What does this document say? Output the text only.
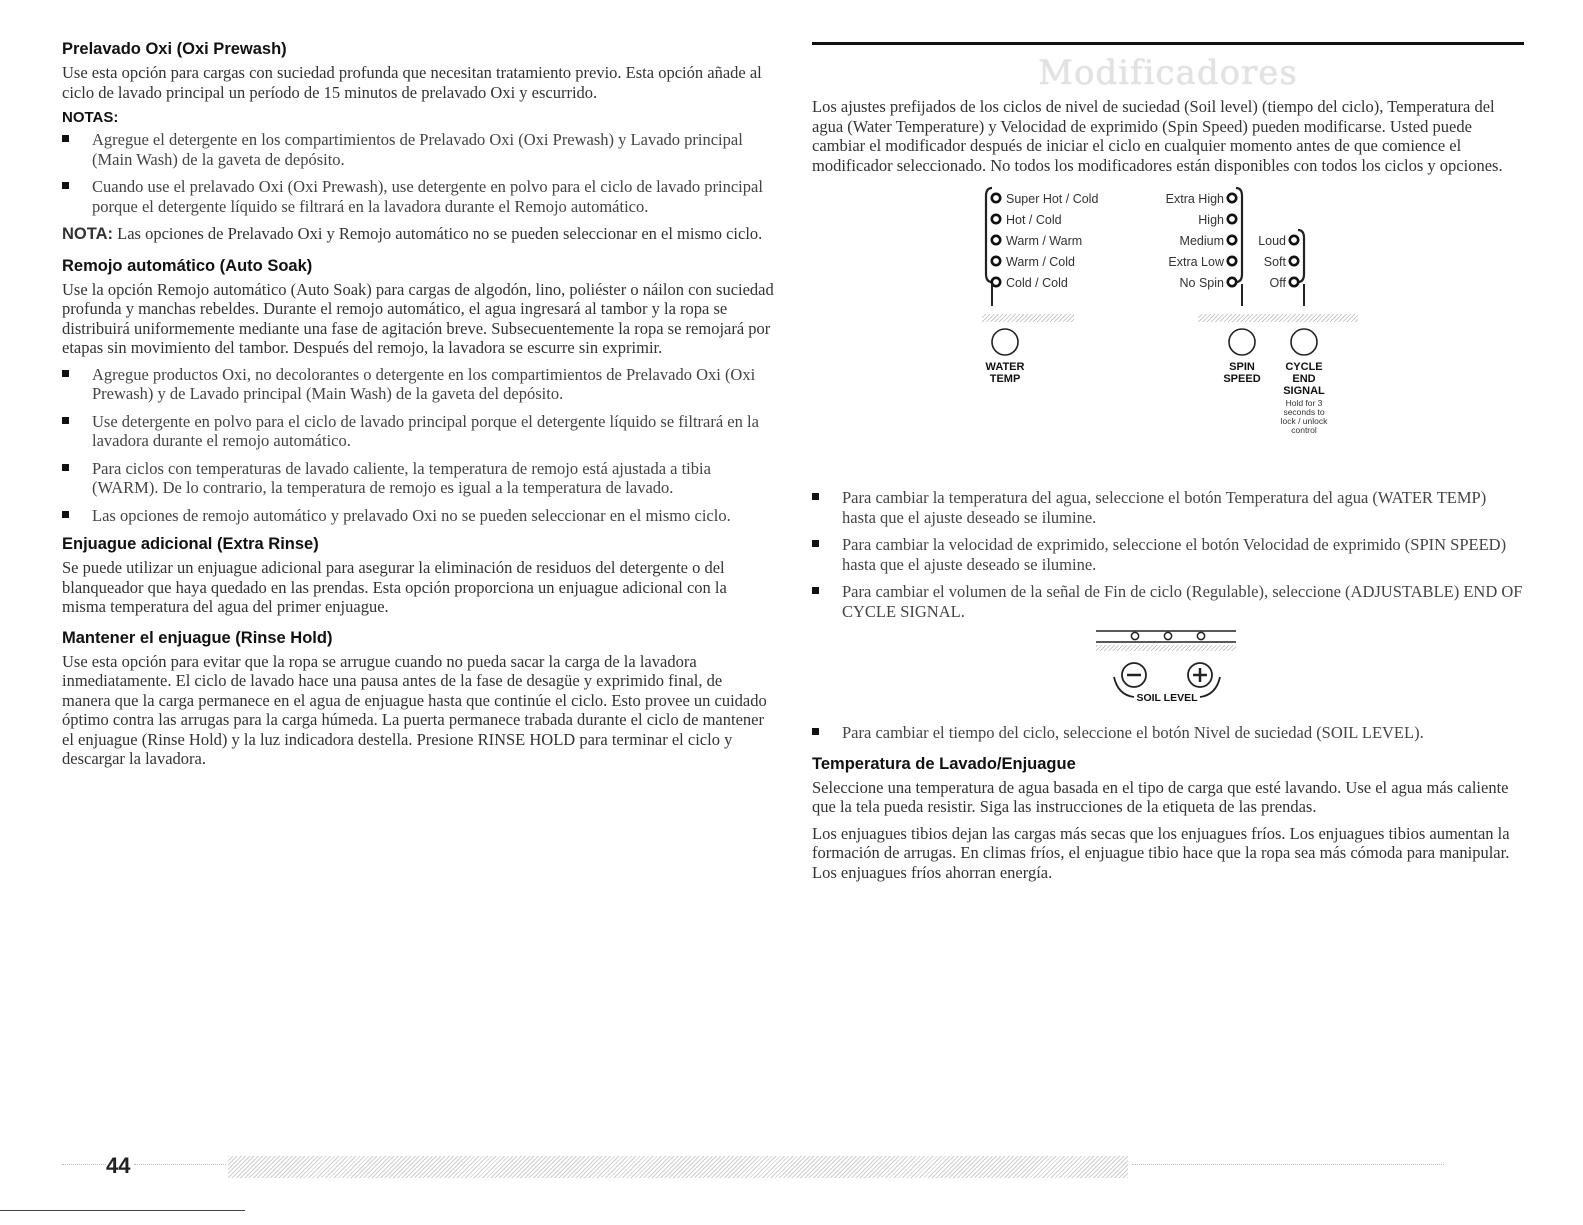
Prelavado Oxi (Oxi Prewash)

Use esta opción para cargas con suciedad profunda que necesitan tratamiento previo. Esta opción añade al ciclo de lavado principal un período de 15 minutos de prelavado Oxi y escurrido.

NOTAS:
Agregue el detergente en los compartimientos de Prelavado Oxi (Oxi Prewash) y Lavado principal (Main Wash) de la gaveta de depósito.
Cuando use el prelavado Oxi (Oxi Prewash), use detergente en polvo para el ciclo de lavado principal porque el detergente líquido se filtrará en la lavadora durante el Remojo automático.

NOTA: Las opciones de Prelavado Oxi y Remojo automático no se pueden seleccionar en el mismo ciclo.

Remojo automático (Auto Soak)

Use la opción Remojo automático (Auto Soak) para cargas de algodón, lino, poliéster o náilon con suciedad profunda y manchas rebeldes. Durante el remojo automático, el agua ingresará al tambor y la ropa se distribuirá uniformemente mediante una fase de agitación breve. Subsecuentemente la ropa se remojará por etapas sin movimiento del tambor. Después del remojo, la lavadora se escurre sin exprimir.

Agregue productos Oxi, no decolorantes o detergente en los compartimientos de Prelavado Oxi (Oxi Prewash) y de Lavado principal (Main Wash) de la gaveta del depósito.
Use detergente en polvo para el ciclo de lavado principal porque el detergente líquido se filtrará en la lavadora durante el remojo automático.
Para ciclos con temperaturas de lavado caliente, la temperatura de remojo está ajustada a tibia (WARM). De lo contrario, la temperatura de remojo es igual a la temperatura de lavado.
Las opciones de remojo automático y prelavado Oxi no se pueden seleccionar en el mismo ciclo.
Enjuague adicional (Extra Rinse)

Se puede utilizar un enjuague adicional para asegurar la eliminación de residuos del detergente o del blanqueador que haya quedado en las prendas. Esta opción proporciona un enjuague adicional con la misma temperatura del agua del primer enjuague.

Mantener el enjuague (Rinse Hold)

Use esta opción para evitar que la ropa se arrugue cuando no pueda sacar la carga de la lavadora inmediatamente. El ciclo de lavado hace una pausa antes de la fase de desagüe y exprimido final, de manera que la carga permanece en el agua de enjuague hasta que continúe el ciclo. Esto provee un cuidado óptimo contra las arrugas para la carga húmeda. La puerta permanece trabada durante el ciclo de mantener el enjuague (Rinse Hold) y la luz indicadora destella. Presione RINSE HOLD para terminar el ciclo y descargar la lavadora.

Modificadores

Los ajustes prefijados de los ciclos de nivel de suciedad (Soil level) (tiempo del ciclo), Temperatura del agua (Water Temperature) y Velocidad de exprimido (Spin Speed) pueden modificarse. Usted puede cambiar el modificador después de iniciar el ciclo en cualquier momento antes de que comience el modificador seleccionado. No todos los modificadores están disponibles con todos los ciclos y opciones.

Super Hot / Cold
Hot / Cold
Warm / Warm
Warm / Cold
Cold / Cold
Extra High
High
Medium
Extra Low
No Spin
Loud
Soft
Off
WATER
TEMP
SPIN
SPEED
CYCLE
END
SIGNAL
Hold for 3
seconds to
lock / unlock
control
Para cambiar la temperatura del agua, seleccione el botón Temperatura del agua (WATER TEMP) hasta que el ajuste deseado se ilumine.
Para cambiar la velocidad de exprimido, seleccione el botón Velocidad de exprimido (SPIN SPEED) hasta que el ajuste deseado se ilumine.
Para cambiar el volumen de la señal de Fin de ciclo (Regulable), seleccione (ADJUSTABLE) END OF CYCLE SIGNAL.
SOIL LEVEL
Para cambiar el tiempo del ciclo, seleccione el botón Nivel de suciedad (SOIL LEVEL).
Temperatura de Lavado/Enjuague

Seleccione una temperatura de agua basada en el tipo de carga que esté lavando. Use el agua más caliente que la tela pueda resistir. Siga las instrucciones de la etiqueta de las prendas.

Los enjuagues tibios dejan las cargas más secas que los enjuagues fríos. Los enjuagues tibios aumentan la formación de arrugas. En climas fríos, el enjuague tibio hace que la ropa sea más cómoda para manipular. Los enjuagues fríos ahorran energía.

44
